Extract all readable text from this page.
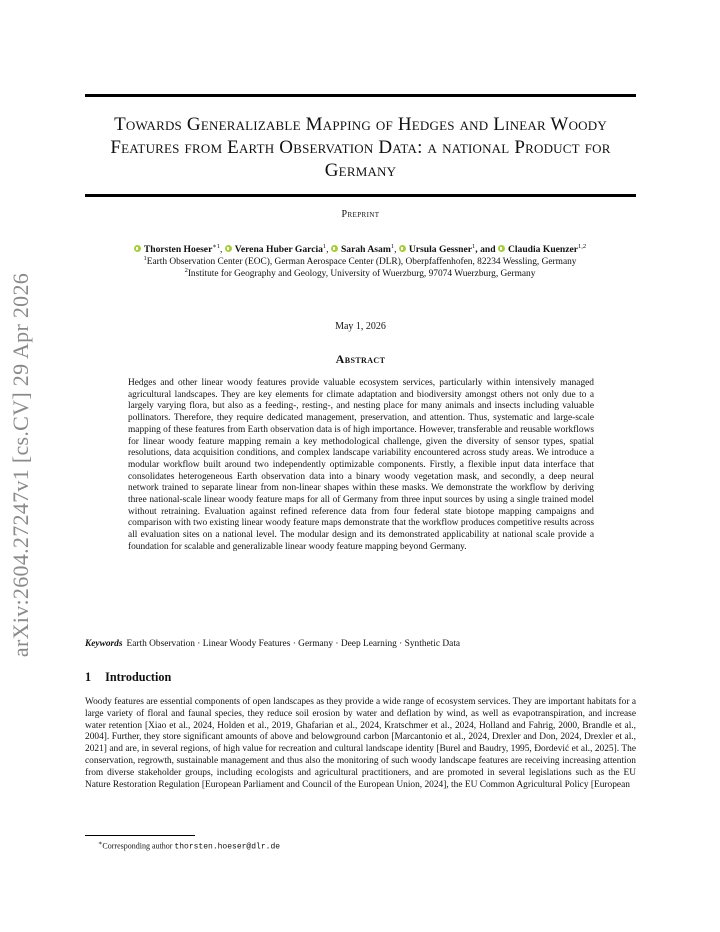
arXiv:2604.27247v1 [cs.CV] 29 Apr 2026
Towards Generalizable Mapping of Hedges and Linear Woody Features from Earth Observation Data: a national Product for Germany
Preprint
Thorsten Hoeser$^{∗1}$, Verena Huber Garcia$^1$, Sarah Asam$^1$, Ursula Gessner$^1$, and Claudia Kuenzer$^{1,2}$
$^1$Earth Observation Center (EOC), German Aerospace Center (DLR), Oberpfaffenhofen, 82234 Wessling, Germany
$^2$Institute for Geography and Geology, University of Wuerzburg, 97074 Wuerzburg, Germany
May 1, 2026
Abstract
Hedges and other linear woody features provide valuable ecosystem services, particularly within intensively managed agricultural landscapes. They are key elements for climate adaptation and biodiversity amongst others not only due to a largely varying flora, but also as a feeding-, resting-, and nesting place for many animals and insects including valuable pollinators. Therefore, they require dedicated management, preservation, and attention. Thus, systematic and large-scale mapping of these features from Earth observation data is of high importance. However, transferable and reusable workflows for linear woody feature mapping remain a key methodological challenge, given the diversity of sensor types, spatial resolutions, data acquisition conditions, and complex landscape variability encountered across study areas. We introduce a modular workflow built around two independently optimizable components. Firstly, a flexible input data interface that consolidates heterogeneous Earth observation data into a binary woody vegetation mask, and secondly, a deep neural network trained to separate linear from non-linear shapes within these masks. We demonstrate the workflow by deriving three national-scale linear woody feature maps for all of Germany from three input sources by using a single trained model without retraining. Evaluation against refined reference data from four federal state biotope mapping campaigns and comparison with two existing linear woody feature maps demonstrate that the workflow produces competitive results across all evaluation sites on a national level. The modular design and its demonstrated applicability at national scale provide a foundation for scalable and generalizable linear woody feature mapping beyond Germany.
Keywords Earth Observation · Linear Woody Features · Germany · Deep Learning · Synthetic Data
1 Introduction
Woody features are essential components of open landscapes as they provide a wide range of ecosystem services. They are important habitats for a large variety of floral and faunal species, they reduce soil erosion by water and deflation by wind, as well as evapotranspiration, and increase water retention [Xiao et al., 2024, Holden et al., 2019, Ghafarian et al., 2024, Kratschmer et al., 2024, Holland and Fahrig, 2000, Brandle et al., 2004]. Further, they store significant amounts of above and belowground carbon [Marcantonio et al., 2024, Drexler and Don, 2024, Drexler et al., 2021] and are, in several regions, of high value for recreation and cultural landscape identity [Burel and Baudry, 1995, Đordević et al., 2025]. The conservation, regrowth, sustainable management and thus also the monitoring of such woody landscape features are receiving increasing attention from diverse stakeholder groups, including ecologists and agricultural practitioners, and are promoted in several legislations such as the EU Nature Restoration Regulation [European Parliament and Council of the European Union, 2024], the EU Common Agricultural Policy [European
∗Corresponding author thorsten.hoeser@dlr.de
